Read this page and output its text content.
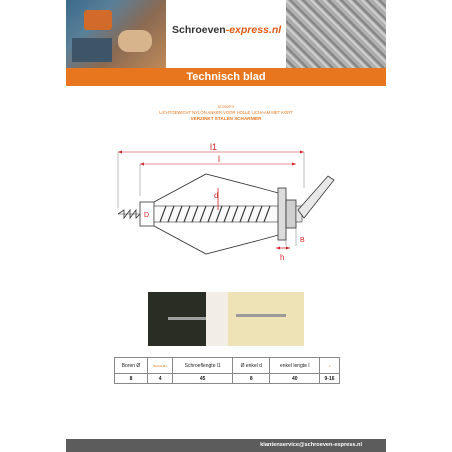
Schroeven-express.nl
Technisch blad
SC000PTI
LICHTGEWICHT NYLON ANKER VOOR HOLLE LICHAAM MET KORT
VERZINKT STALEN SCHARNIER
l1
l
D
d
B
h
Boren Ø	Borhel Ø1	Schroeflengte l1	Ø enkel d	enkel lengte l	h
8	4	45	8	40	9-16
klantenservice@schroeven-express.nl
